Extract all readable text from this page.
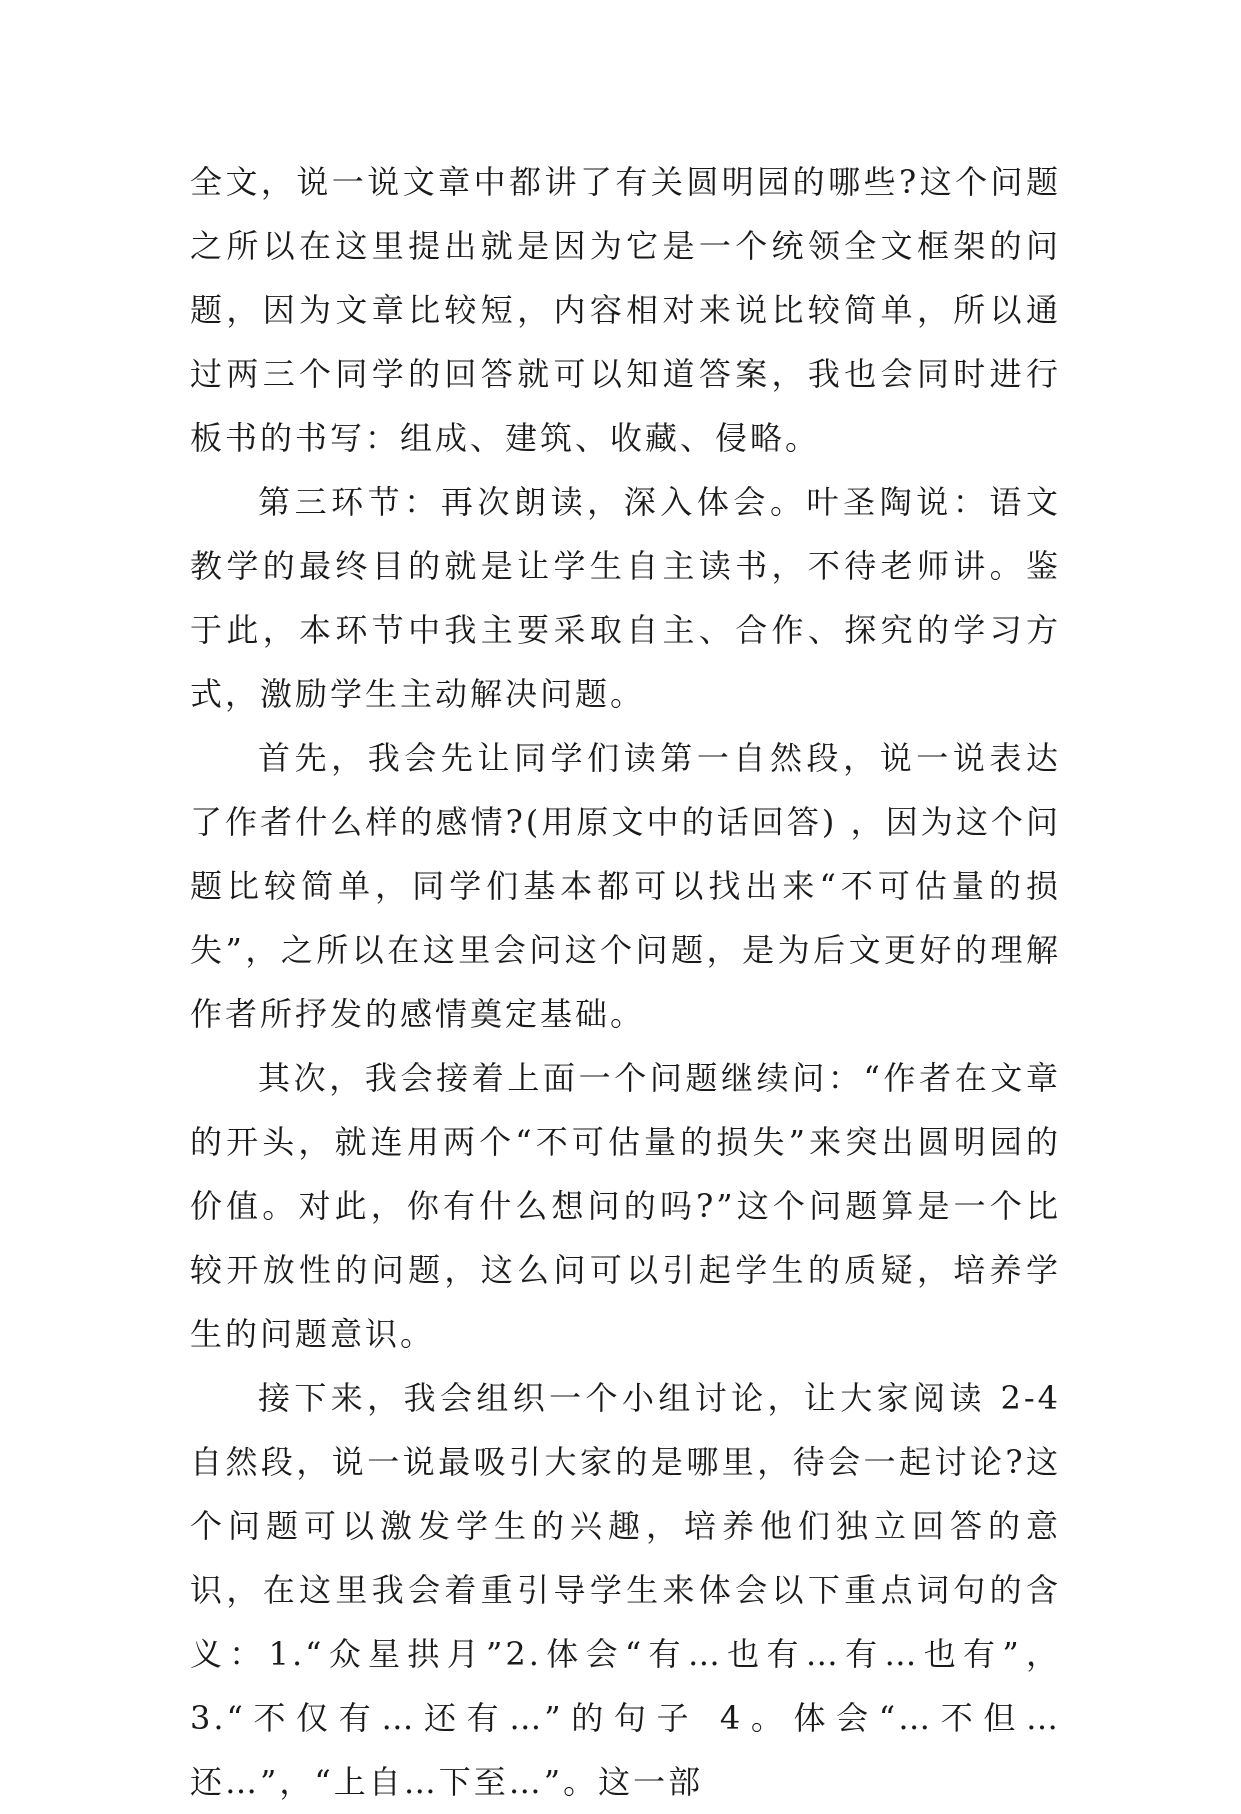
全文，说一说文章中都讲了有关圆明园的哪些?这个问题之所以在这里提出就是因为它是一个统领全文框架的问题，因为文章比较短，内容相对来说比较简单，所以通过两三个同学的回答就可以知道答案，我也会同时进行板书的书写：组成、建筑、收藏、侵略。

第三环节：再次朗读，深入体会。叶圣陶说：语文教学的最终目的就是让学生自主读书，不待老师讲。鉴于此，本环节中我主要采取自主、合作、探究的学习方式，激励学生主动解决问题。

首先，我会先让同学们读第一自然段，说一说表达了作者什么样的感情?(用原文中的话回答) ，因为这个问题比较简单，同学们基本都可以找出来“不可估量的损失”，之所以在这里会问这个问题，是为后文更好的理解作者所抒发的感情奠定基础。

其次，我会接着上面一个问题继续问：“作者在文章的开头，就连用两个“不可估量的损失”来突出圆明园的价值。对此，你有什么想问的吗?”这个问题算是一个比较开放性的问题，这么问可以引起学生的质疑，培养学生的问题意识。

接下来，我会组织一个小组讨论，让大家阅读 2-4 自然段，说一说最吸引大家的是哪里，待会一起讨论?这个问题可以激发学生的兴趣，培养他们独立回答的意识，在这里我会着重引导学生来体会以下重点词句的含义：1.“众星拱月”2.体会“有…也有…有…也有”，3.“不仅有…还有…”的句子 4。体会“…不但…还…”，“上自…下至…”。这一部
